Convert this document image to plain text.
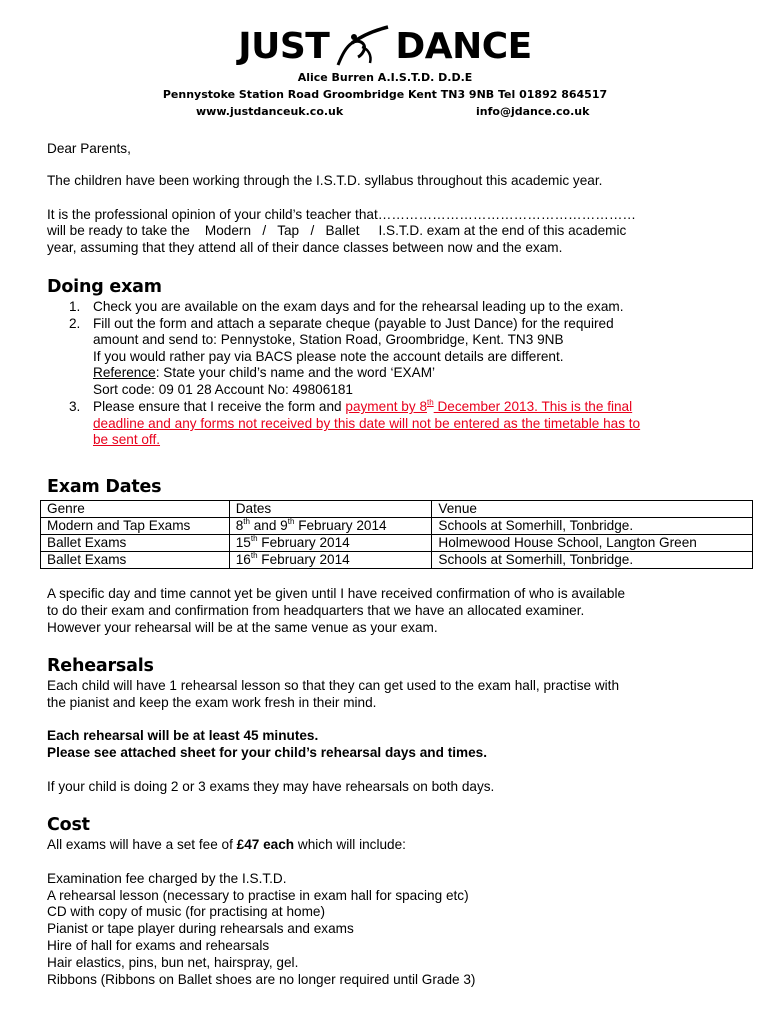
JUST DANCE
Alice Burren A.I.S.T.D. D.D.E
Pennystoke Station Road Groombridge Kent TN3 9NB Tel 01892 864517
www.justdanceuk.co.uk	info@jdance.co.uk
Dear Parents,
The children have been working through the I.S.T.D. syllabus throughout this academic year.
It is the professional opinion of your child’s teacher that…………………………………………………
will be ready to take the    Modern   /   Tap   /   Ballet     I.S.T.D. exam at the end of this academic
year, assuming that they attend all of their dance classes between now and the exam.
Doing exam
1. Check you are available on the exam days and for the rehearsal leading up to the exam.
2. Fill out the form and attach a separate cheque (payable to Just Dance) for the required
amount and send to: Pennystoke, Station Road, Groombridge, Kent. TN3 9NB
If you would rather pay via BACS please note the account details are different.
Reference: State your child’s name and the word ‘EXAM’
Sort code: 09 01 28 Account No: 49806181
3. Please ensure that I receive the form and payment by 8th December 2013. This is the final
deadline and any forms not received by this date will not be entered as the timetable has to
be sent off.
Exam Dates
Genre	Dates	Venue
Modern and Tap Exams	8th and 9th February 2014	Schools at Somerhill, Tonbridge.
Ballet Exams	15th February 2014	Holmewood House School, Langton Green
Ballet Exams	16th February 2014	Schools at Somerhill, Tonbridge.
A specific day and time cannot yet be given until I have received confirmation of who is available
to do their exam and confirmation from headquarters that we have an allocated examiner.
However your rehearsal will be at the same venue as your exam.
Rehearsals
Each child will have 1 rehearsal lesson so that they can get used to the exam hall, practise with
the pianist and keep the exam work fresh in their mind.
Each rehearsal will be at least 45 minutes.
Please see attached sheet for your child’s rehearsal days and times.
If your child is doing 2 or 3 exams they may have rehearsals on both days.
Cost
All exams will have a set fee of £47 each which will include:
Examination fee charged by the I.S.T.D.
A rehearsal lesson (necessary to practise in exam hall for spacing etc)
CD with copy of music (for practising at home)
Pianist or tape player during rehearsals and exams
Hire of hall for exams and rehearsals
Hair elastics, pins, bun net, hairspray, gel.
Ribbons (Ribbons on Ballet shoes are no longer required until Grade 3)
